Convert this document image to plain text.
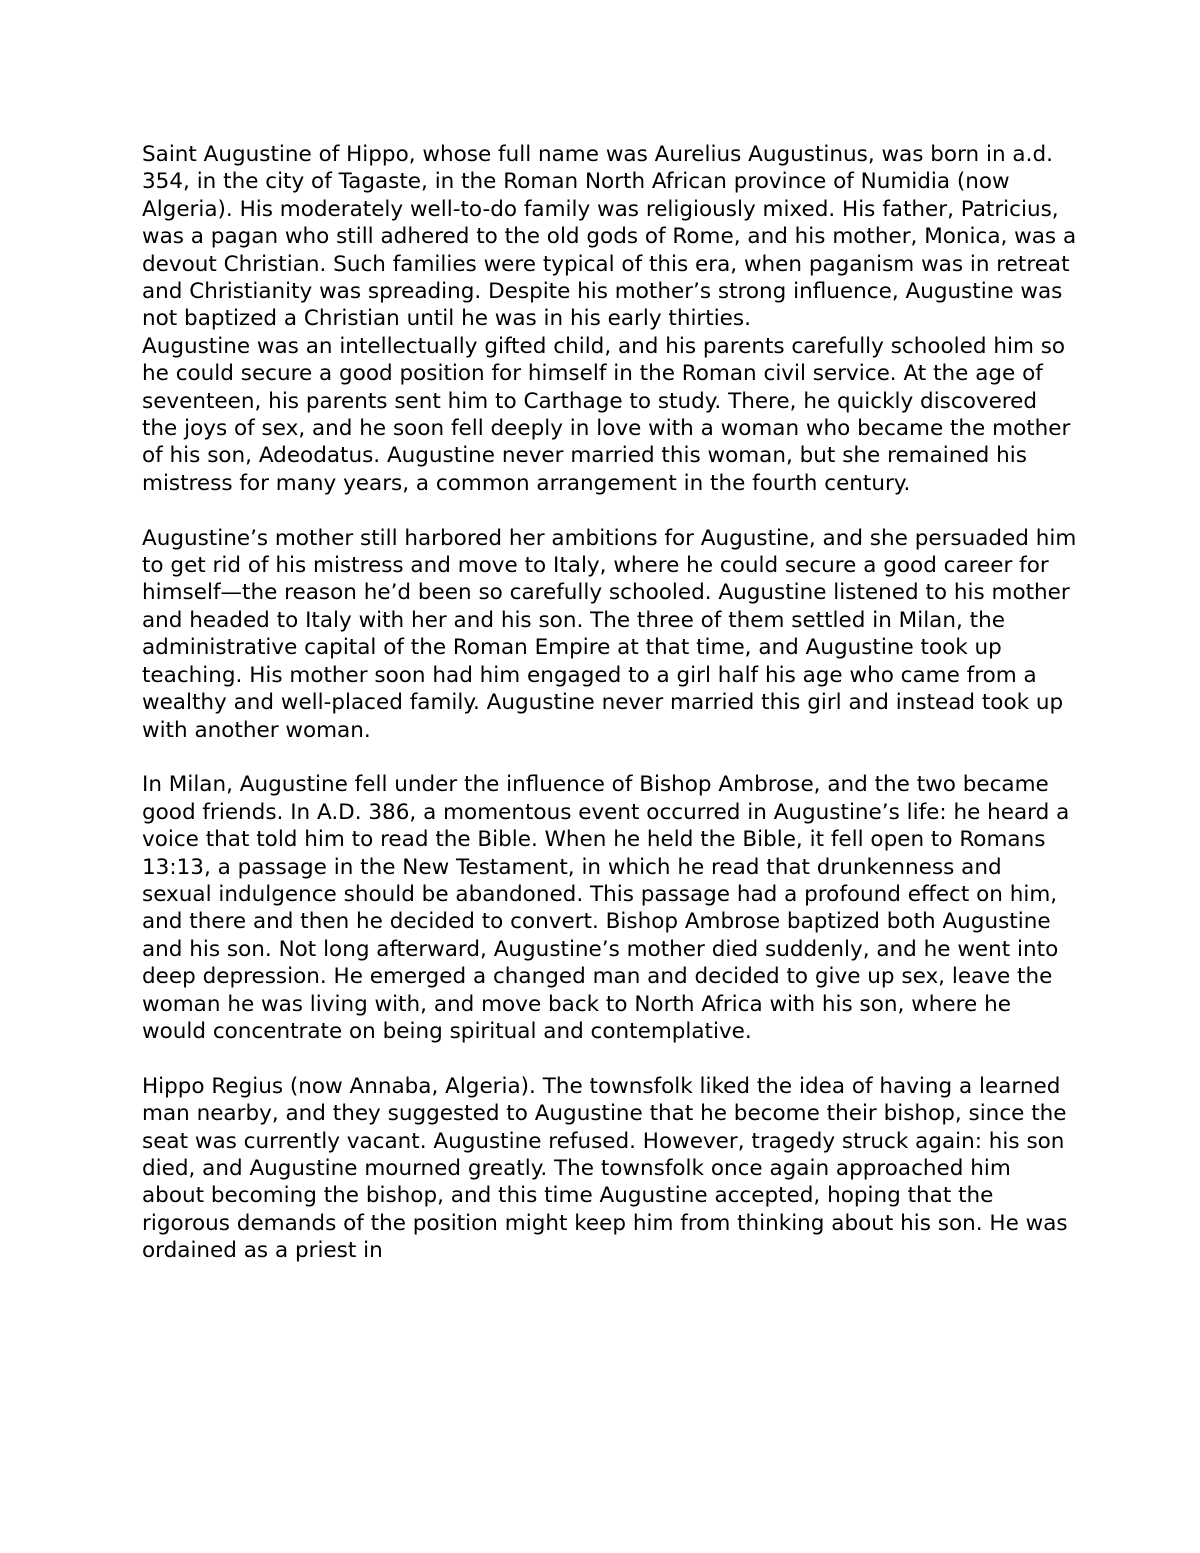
Saint Augustine of Hippo, whose full name was Aurelius Augustinus, was born in a.d. 354, in the city of Tagaste, in the Roman North African province of Numidia (now Algeria). His moderately well-to-do family was religiously mixed. His father, Patricius, was a pagan who still adhered to the old gods of Rome, and his mother, Monica, was a devout Christian. Such families were typical of this era, when paganism was in retreat and Christianity was spreading. Despite his mother’s strong influence, Augustine was not baptized a Christian until he was in his early thirties.

Augustine was an intellectually gifted child, and his parents carefully schooled him so he could secure a good position for himself in the Roman civil service. At the age of seventeen, his parents sent him to Carthage to study. There, he quickly discovered the joys of sex, and he soon fell deeply in love with a woman who became the mother of his son, Adeodatus. Augustine never married this woman, but she remained his mistress for many years, a common arrangement in the fourth century.

Augustine’s mother still harbored her ambitions for Augustine, and she persuaded him to get rid of his mistress and move to Italy, where he could secure a good career for himself—the reason he’d been so carefully schooled. Augustine listened to his mother and headed to Italy with her and his son. The three of them settled in Milan, the administrative capital of the Roman Empire at that time, and Augustine took up teaching. His mother soon had him engaged to a girl half his age who came from a wealthy and well-placed family. Augustine never married this girl and instead took up with another woman.

In Milan, Augustine fell under the influence of Bishop Ambrose, and the two became good friends. In A.D. 386, a momentous event occurred in Augustine’s life: he heard a voice that told him to read the Bible. When he held the Bible, it fell open to Romans 13:13, a passage in the New Testament, in which he read that drunkenness and sexual indulgence should be abandoned. This passage had a profound effect on him, and there and then he decided to convert. Bishop Ambrose baptized both Augustine and his son. Not long afterward, Augustine’s mother died suddenly, and he went into deep depression. He emerged a changed man and decided to give up sex, leave the woman he was living with, and move back to North Africa with his son, where he would concentrate on being spiritual and contemplative.

Hippo Regius (now Annaba, Algeria). The townsfolk liked the idea of having a learned man nearby, and they suggested to Augustine that he become their bishop, since the seat was currently vacant. Augustine refused. However, tragedy struck again: his son died, and Augustine mourned greatly. The townsfolk once again approached him about becoming the bishop, and this time Augustine accepted, hoping that the rigorous demands of the position might keep him from thinking about his son. He was ordained as a priest in
